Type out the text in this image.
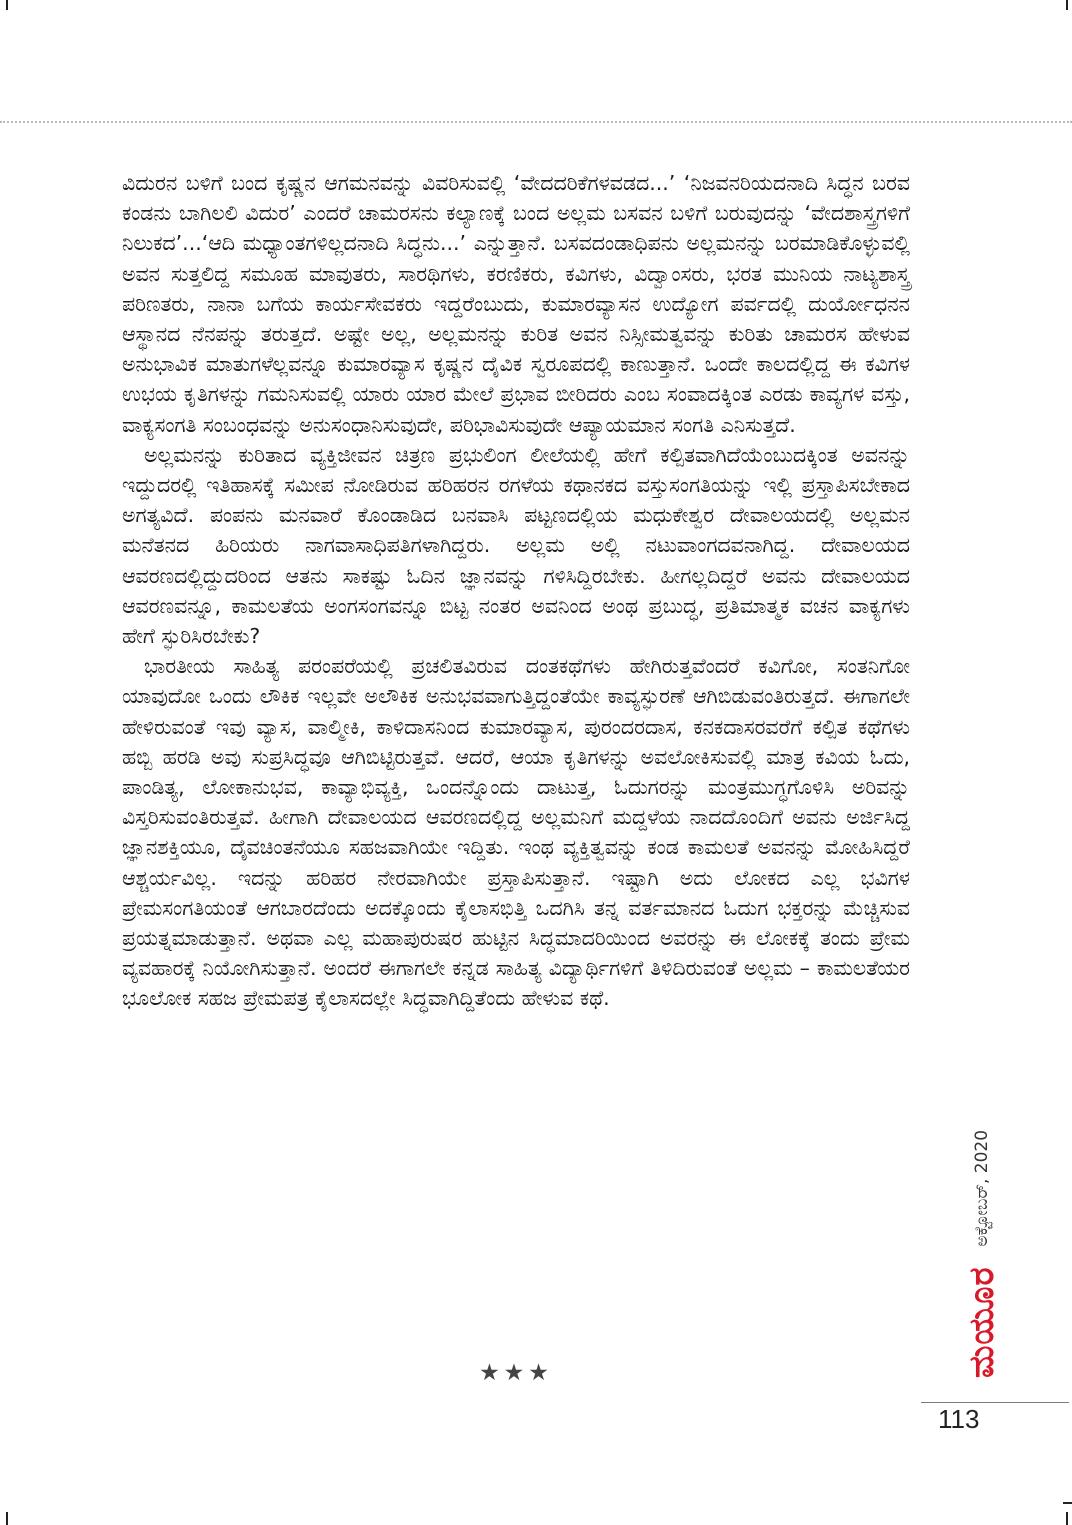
ವಿದುರನ ಬಳಿಗೆ ಬಂದ ಕೃಷ್ಣನ ಆಗಮನವನ್ನು ವಿವರಿಸುವಲ್ಲಿ ‘ವೇದದರಿಕೆಗಳವಡದ...’ ‘ನಿಜವನರಿಯದನಾದಿ ಸಿದ್ಧನ ಬರವ ಕಂಡನು ಬಾಗಿಲಲಿ ವಿದುರ’ ಎಂದರೆ ಚಾಮರಸನು ಕಲ್ಯಾಣಕ್ಕೆ ಬಂದ ಅಲ್ಲಮ ಬಸವನ ಬಳಿಗೆ ಬರುವುದನ್ನು ‘ವೇದಶಾಸ್ತ್ರಗಳಿಗೆ ನಿಲುಕದ’...‘ಆದಿ ಮಧ್ಯಾಂತಗಳಿಲ್ಲದನಾದಿ ಸಿದ್ಧನು...’ ಎನ್ನುತ್ತಾನೆ. ಬಸವದಂಡಾಧಿಪನು ಅಲ್ಲಮನನ್ನು ಬರಮಾಡಿಕೊಳ್ಳುವಲ್ಲಿ ಅವನ ಸುತ್ತಲಿದ್ದ ಸಮೂಹ ಮಾವುತರು, ಸಾರಥಿಗಳು, ಕರಣಿಕರು, ಕವಿಗಳು, ವಿದ್ವಾಂಸರು, ಭರತ ಮುನಿಯ ನಾಟ್ಯಶಾಸ್ತ್ರ ಪರಿಣತರು, ನಾನಾ ಬಗೆಯ ಕಾರ್ಯಸೇವಕರು ಇದ್ದರೆಂಬುದು, ಕುಮಾರವ್ಯಾಸನ ಉದ್ಯೋಗ ಪರ್ವದಲ್ಲಿ ದುರ್ಯೋಧನನ ಆಸ್ಥಾನದ ನೆನಪನ್ನು ತರುತ್ತದೆ. ಅಷ್ಟೇ ಅಲ್ಲ, ಅಲ್ಲಮನನ್ನು ಕುರಿತ ಅವನ ನಿಸ್ಸೀಮತ್ವವನ್ನು ಕುರಿತು ಚಾಮರಸ ಹೇಳುವ ಅನುಭಾವಿಕ ಮಾತುಗಳೆಲ್ಲವನ್ನೂ ಕುಮಾರವ್ಯಾಸ ಕೃಷ್ಣನ ದೈವಿಕ ಸ್ವರೂಪದಲ್ಲಿ ಕಾಣುತ್ತಾನೆ. ಒಂದೇ ಕಾಲದಲ್ಲಿದ್ದ ಈ ಕವಿಗಳ ಉಭಯ ಕೃತಿಗಳನ್ನು ಗಮನಿಸುವಲ್ಲಿ ಯಾರು ಯಾರ ಮೇಲೆ ಪ್ರಭಾವ ಬೀರಿದರು ಎಂಬ ಸಂವಾದಕ್ಕಿಂತ ಎರಡು ಕಾವ್ಯಗಳ ವಸ್ತು, ವಾಕ್ಯಸಂಗತಿ ಸಂಬಂಧವನ್ನು ಅನುಸಂಧಾನಿಸುವುದೇ, ಪರಿಭಾವಿಸುವುದೇ ಆಪ್ಯಾಯಮಾನ ಸಂಗತಿ ಎನಿಸುತ್ತದೆ.

ಅಲ್ಲಮನನ್ನು ಕುರಿತಾದ ವ್ಯಕ್ತಿಜೀವನ ಚಿತ್ರಣ ಪ್ರಭುಲಿಂಗ ಲೀಲೆಯಲ್ಲಿ ಹೇಗೆ ಕಲ್ಪಿತವಾಗಿದೆಯೆಂಬುದಕ್ಕಿಂತ ಅವನನ್ನು ಇದ್ದುದರಲ್ಲಿ ಇತಿಹಾಸಕ್ಕೆ ಸಮೀಪ ನೋಡಿರುವ ಹರಿಹರನ ರಗಳೆಯ ಕಥಾನಕದ ವಸ್ತುಸಂಗತಿಯನ್ನು ಇಲ್ಲಿ ಪ್ರಸ್ತಾಪಿಸಬೇಕಾದ ಅಗತ್ಯವಿದೆ. ಪಂಪನು ಮನವಾರೆ ಕೊಂಡಾಡಿದ ಬನವಾಸಿ ಪಟ್ಟಣದಲ್ಲಿಯ ಮಧುಕೇಶ್ವರ ದೇವಾಲಯದಲ್ಲಿ ಅಲ್ಲಮನ ಮನೆತನದ ಹಿರಿಯರು ನಾಗವಾಸಾಧಿಪತಿಗಳಾಗಿದ್ದರು. ಅಲ್ಲಮ ಅಲ್ಲಿ ನಟುವಾಂಗದವನಾಗಿದ್ದ. ದೇವಾಲಯದ ಆವರಣದಲ್ಲಿದ್ದುದರಿಂದ ಆತನು ಸಾಕಷ್ಟು ಓದಿನ ಜ್ಞಾನವನ್ನು ಗಳಿಸಿದ್ದಿರಬೇಕು. ಹೀಗಲ್ಲದಿದ್ದರೆ ಅವನು ದೇವಾಲಯದ ಆವರಣವನ್ನೂ, ಕಾಮಲತೆಯ ಅಂಗಸಂಗವನ್ನೂ ಬಿಟ್ಟ ನಂತರ ಅವನಿಂದ ಅಂಥ ಪ್ರಬುದ್ಧ, ಪ್ರತಿಮಾತ್ಮಕ ವಚನ ವಾಕ್ಯಗಳು ಹೇಗೆ ಸ್ಫುರಿಸಿರಬೇಕು?

ಭಾರತೀಯ ಸಾಹಿತ್ಯ ಪರಂಪರೆಯಲ್ಲಿ ಪ್ರಚಲಿತವಿರುವ ದಂತಕಥೆಗಳು ಹೇಗಿರುತ್ತವೆಂದರೆ ಕವಿಗೋ, ಸಂತನಿಗೋ ಯಾವುದೋ ಒಂದು ಲೌಕಿಕ ಇಲ್ಲವೇ ಅಲೌಕಿಕ ಅನುಭವವಾಗುತ್ತಿದ್ದಂತೆಯೇ ಕಾವ್ಯಸ್ಫುರಣೆ ಆಗಿಬಿಡುವಂತಿರುತ್ತದೆ. ಈಗಾಗಲೇ ಹೇಳಿರುವಂತೆ ಇವು ವ್ಯಾಸ, ವಾಲ್ಮೀಕಿ, ಕಾಳಿದಾಸನಿಂದ ಕುಮಾರವ್ಯಾಸ, ಪುರಂದರದಾಸ, ಕನಕದಾಸರವರೆಗೆ ಕಲ್ಪಿತ ಕಥೆಗಳು ಹಬ್ಬಿ ಹರಡಿ ಅವು ಸುಪ್ರಸಿದ್ಧವೂ ಆಗಿಬಿಟ್ಟಿರುತ್ತವೆ. ಆದರೆ, ಆಯಾ ಕೃತಿಗಳನ್ನು ಅವಲೋಕಿಸುವಲ್ಲಿ ಮಾತ್ರ ಕವಿಯ ಓದು, ಪಾಂಡಿತ್ಯ, ಲೋಕಾನುಭವ, ಕಾವ್ಯಾಭಿವ್ಯಕ್ತಿ, ಒಂದನ್ನೊಂದು ದಾಟುತ್ತ, ಓದುಗರನ್ನು ಮಂತ್ರಮುಗ್ಧಗೊಳಿಸಿ ಅರಿವನ್ನು ವಿಸ್ತರಿಸುವಂತಿರುತ್ತವೆ. ಹೀಗಾಗಿ ದೇವಾಲಯದ ಆವರಣದಲ್ಲಿದ್ದ ಅಲ್ಲಮನಿಗೆ ಮದ್ದಳೆಯ ನಾದದೊಂದಿಗೆ ಅವನು ಅರ್ಜಿಸಿದ್ದ ಜ್ಞಾನಶಕ್ತಿಯೂ, ದೈವಚಿಂತನೆಯೂ ಸಹಜವಾಗಿಯೇ ಇದ್ದಿತು. ಇಂಥ ವ್ಯಕ್ತಿತ್ವವನ್ನು ಕಂಡ ಕಾಮಲತೆ ಅವನನ್ನು ಮೋಹಿಸಿದ್ದರೆ ಆಶ್ಚರ್ಯವಿಲ್ಲ. ಇದನ್ನು ಹರಿಹರ ನೇರವಾಗಿಯೇ ಪ್ರಸ್ತಾಪಿಸುತ್ತಾನೆ. ಇಷ್ಟಾಗಿ ಅದು ಲೋಕದ ಎಲ್ಲ ಭವಿಗಳ ಪ್ರೇಮಸಂಗತಿಯಂತೆ ಆಗಬಾರದೆಂದು ಅದಕ್ಕೊಂದು ಕೈಲಾಸಭಿತ್ತಿ ಒದಗಿಸಿ ತನ್ನ ವರ್ತಮಾನದ ಓದುಗ ಭಕ್ತರನ್ನು ಮೆಚ್ಚಿಸುವ ಪ್ರಯತ್ನಮಾಡುತ್ತಾನೆ. ಅಥವಾ ಎಲ್ಲ ಮಹಾಪುರುಷರ ಹುಟ್ಟಿನ ಸಿದ್ಧಮಾದರಿಯಿಂದ ಅವರನ್ನು ಈ ಲೋಕಕ್ಕೆ ತಂದು ಪ್ರೇಮ ವ್ಯವಹಾರಕ್ಕೆ ನಿಯೋಗಿಸುತ್ತಾನೆ. ಅಂದರೆ ಈಗಾಗಲೇ ಕನ್ನಡ ಸಾಹಿತ್ಯ ವಿದ್ಯಾರ್ಥಿಗಳಿಗೆ ತಿಳಿದಿರುವಂತೆ ಅಲ್ಲಮ – ಕಾಮಲತೆಯರ ಭೂಲೋಕ ಸಹಜ ಪ್ರೇಮಪತ್ರ ಕೈಲಾಸದಲ್ಲೇ ಸಿದ್ಧವಾಗಿದ್ದಿತೆಂದು ಹೇಳುವ ಕಥೆ.

★★★	ಮಯೂರ
ಅಕ್ಟೋಬರ್, 2020
113
